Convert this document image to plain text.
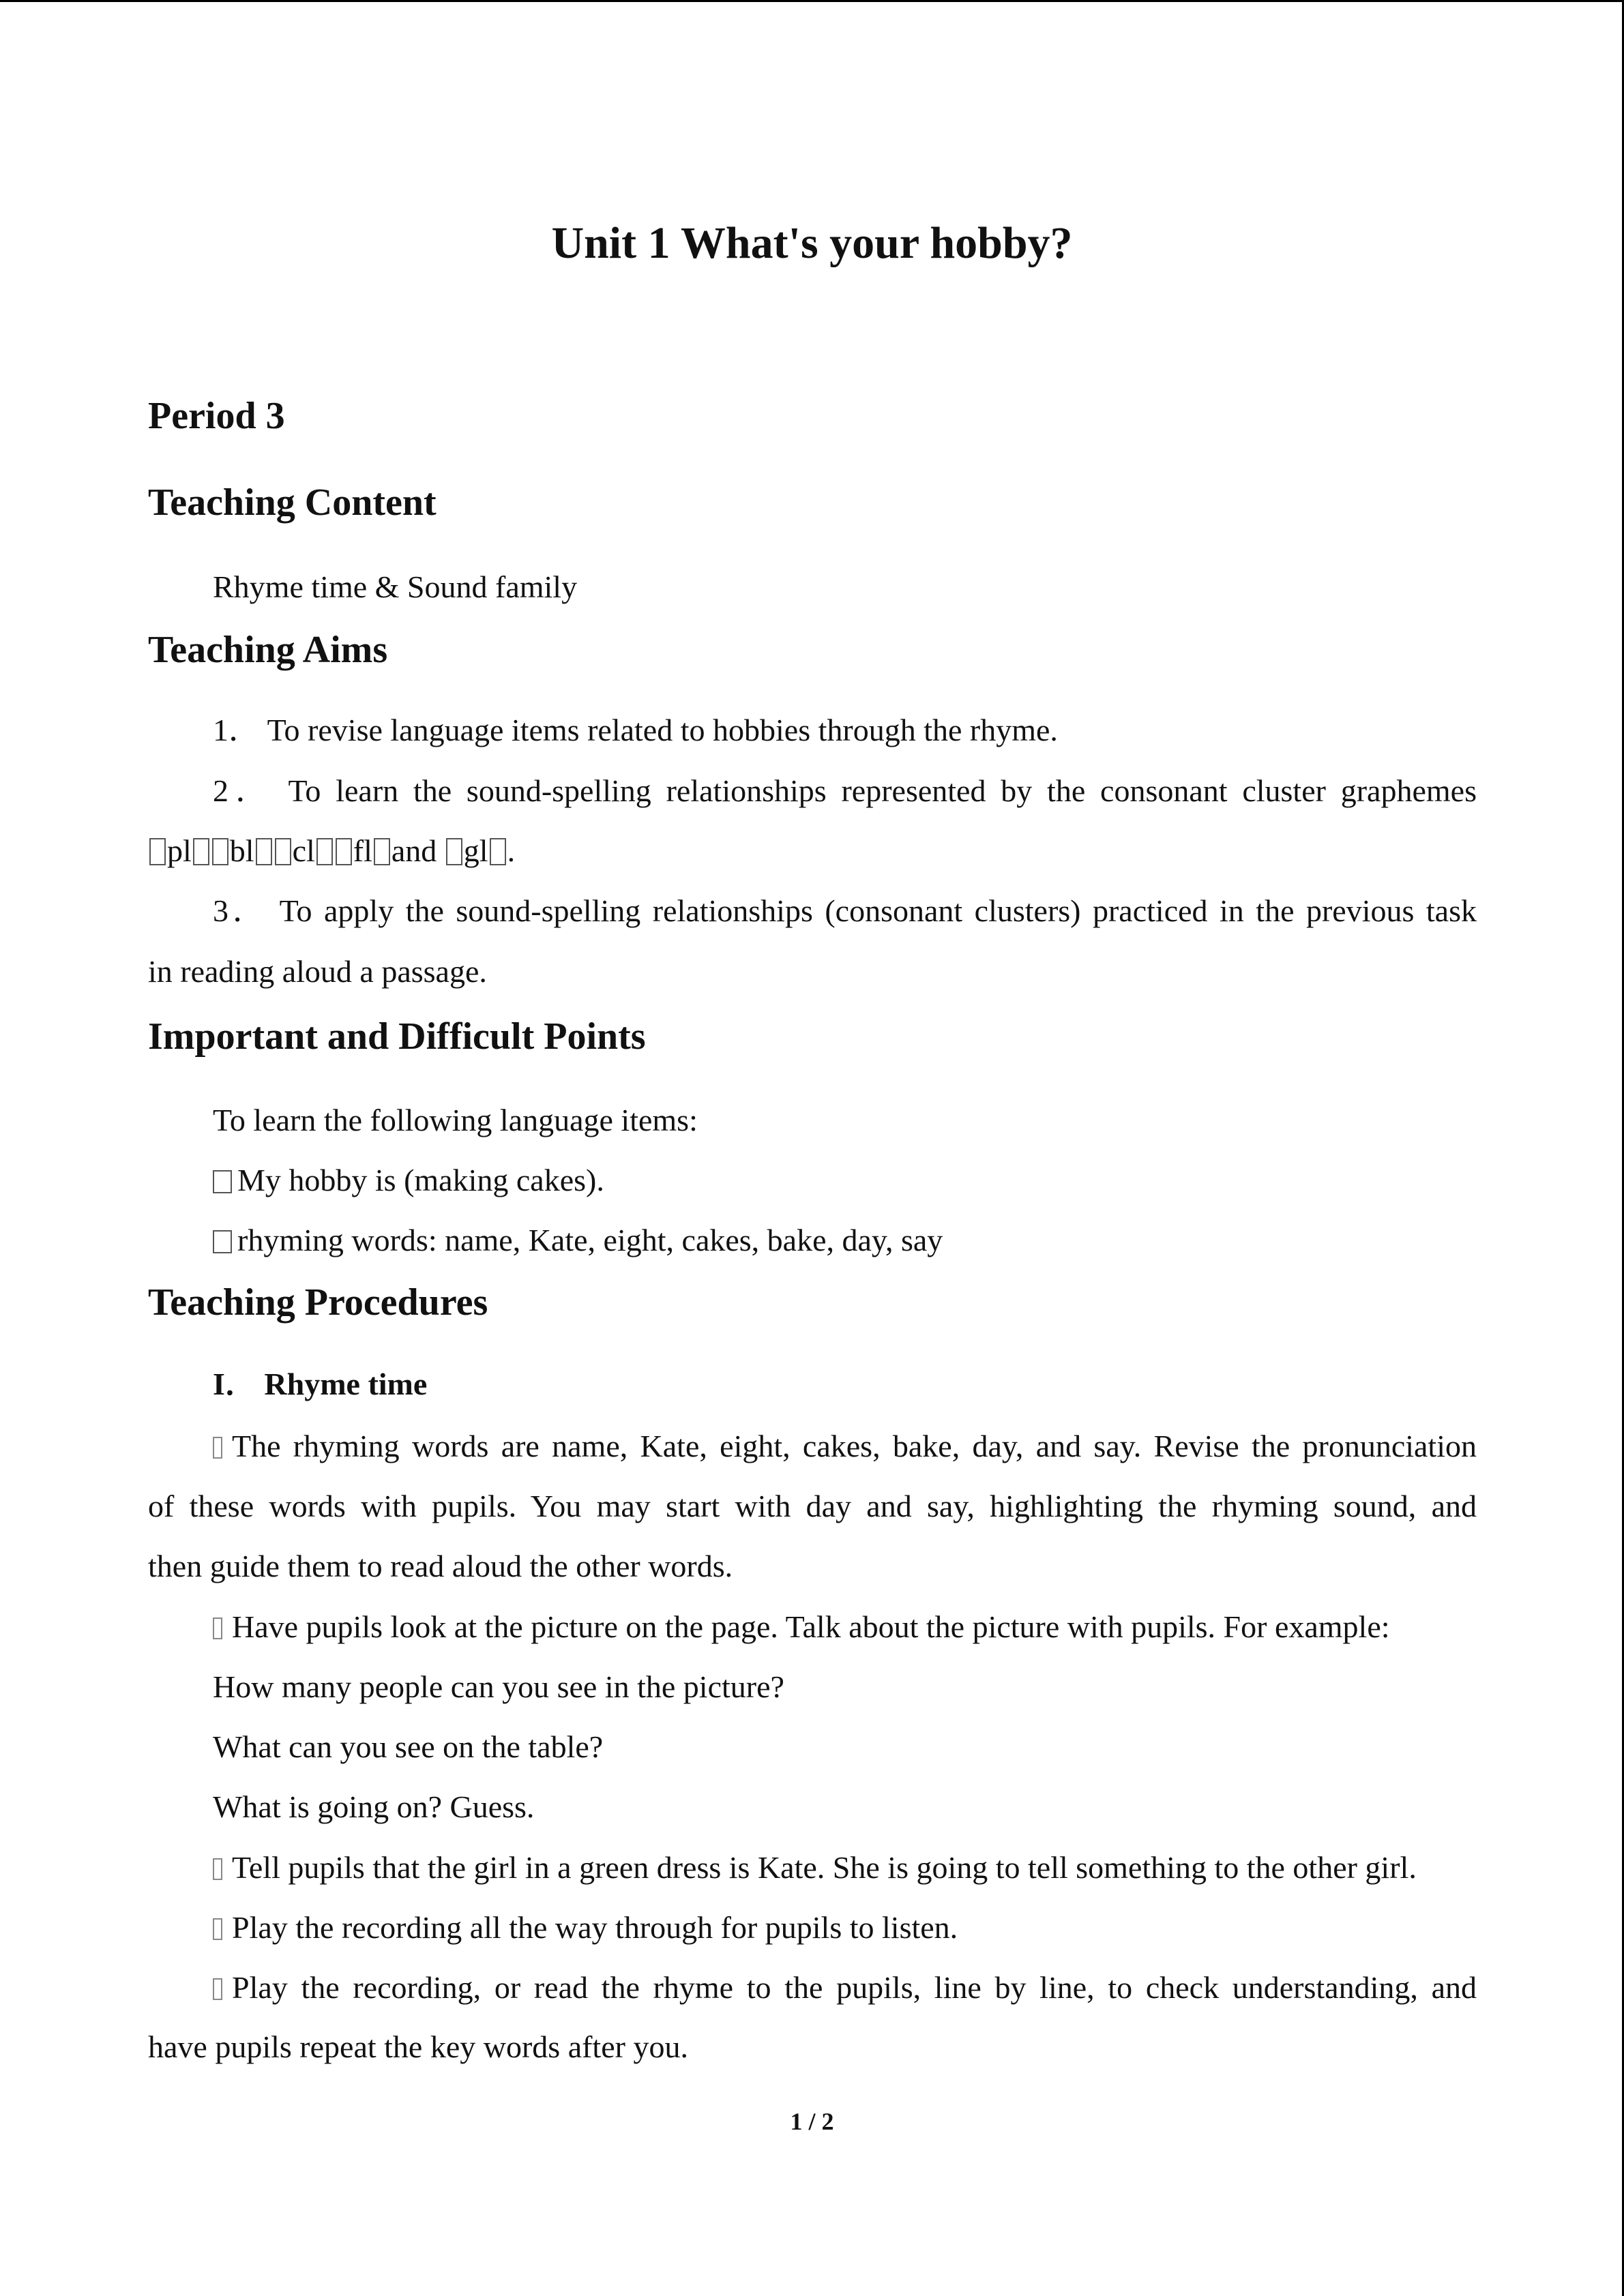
Unit 1 What's your hobby?
Period 3
Teaching Content
Rhyme time & Sound family
Teaching Aims
1． To revise language items related to hobbies through the rhyme.
2． To learn the sound-spelling relationships represented by the consonant cluster graphemes
pl bl cl fl and gl .
3． To apply the sound-spelling relationships (consonant clusters) practiced in the previous task
in reading aloud a passage.
Important and Difficult Points
To learn the following language items:
My hobby is (making cakes).
rhyming words: name, Kate, eight, cakes, bake, day, say
Teaching Procedures
I． Rhyme time
The rhyming words are name, Kate, eight, cakes, bake, day, and say. Revise the pronunciation
of these words with pupils. You may start with day and say, highlighting the rhyming sound, and
then guide them to read aloud the other words.
Have pupils look at the picture on the page. Talk about the picture with pupils. For example:
How many people can you see in the picture?
What can you see on the table?
What is going on? Guess.
Tell pupils that the girl in a green dress is Kate. She is going to tell something to the other girl.
Play the recording all the way through for pupils to listen.
Play the recording, or read the rhyme to the pupils, line by line, to check understanding, and
have pupils repeat the key words after you.
1 / 2
